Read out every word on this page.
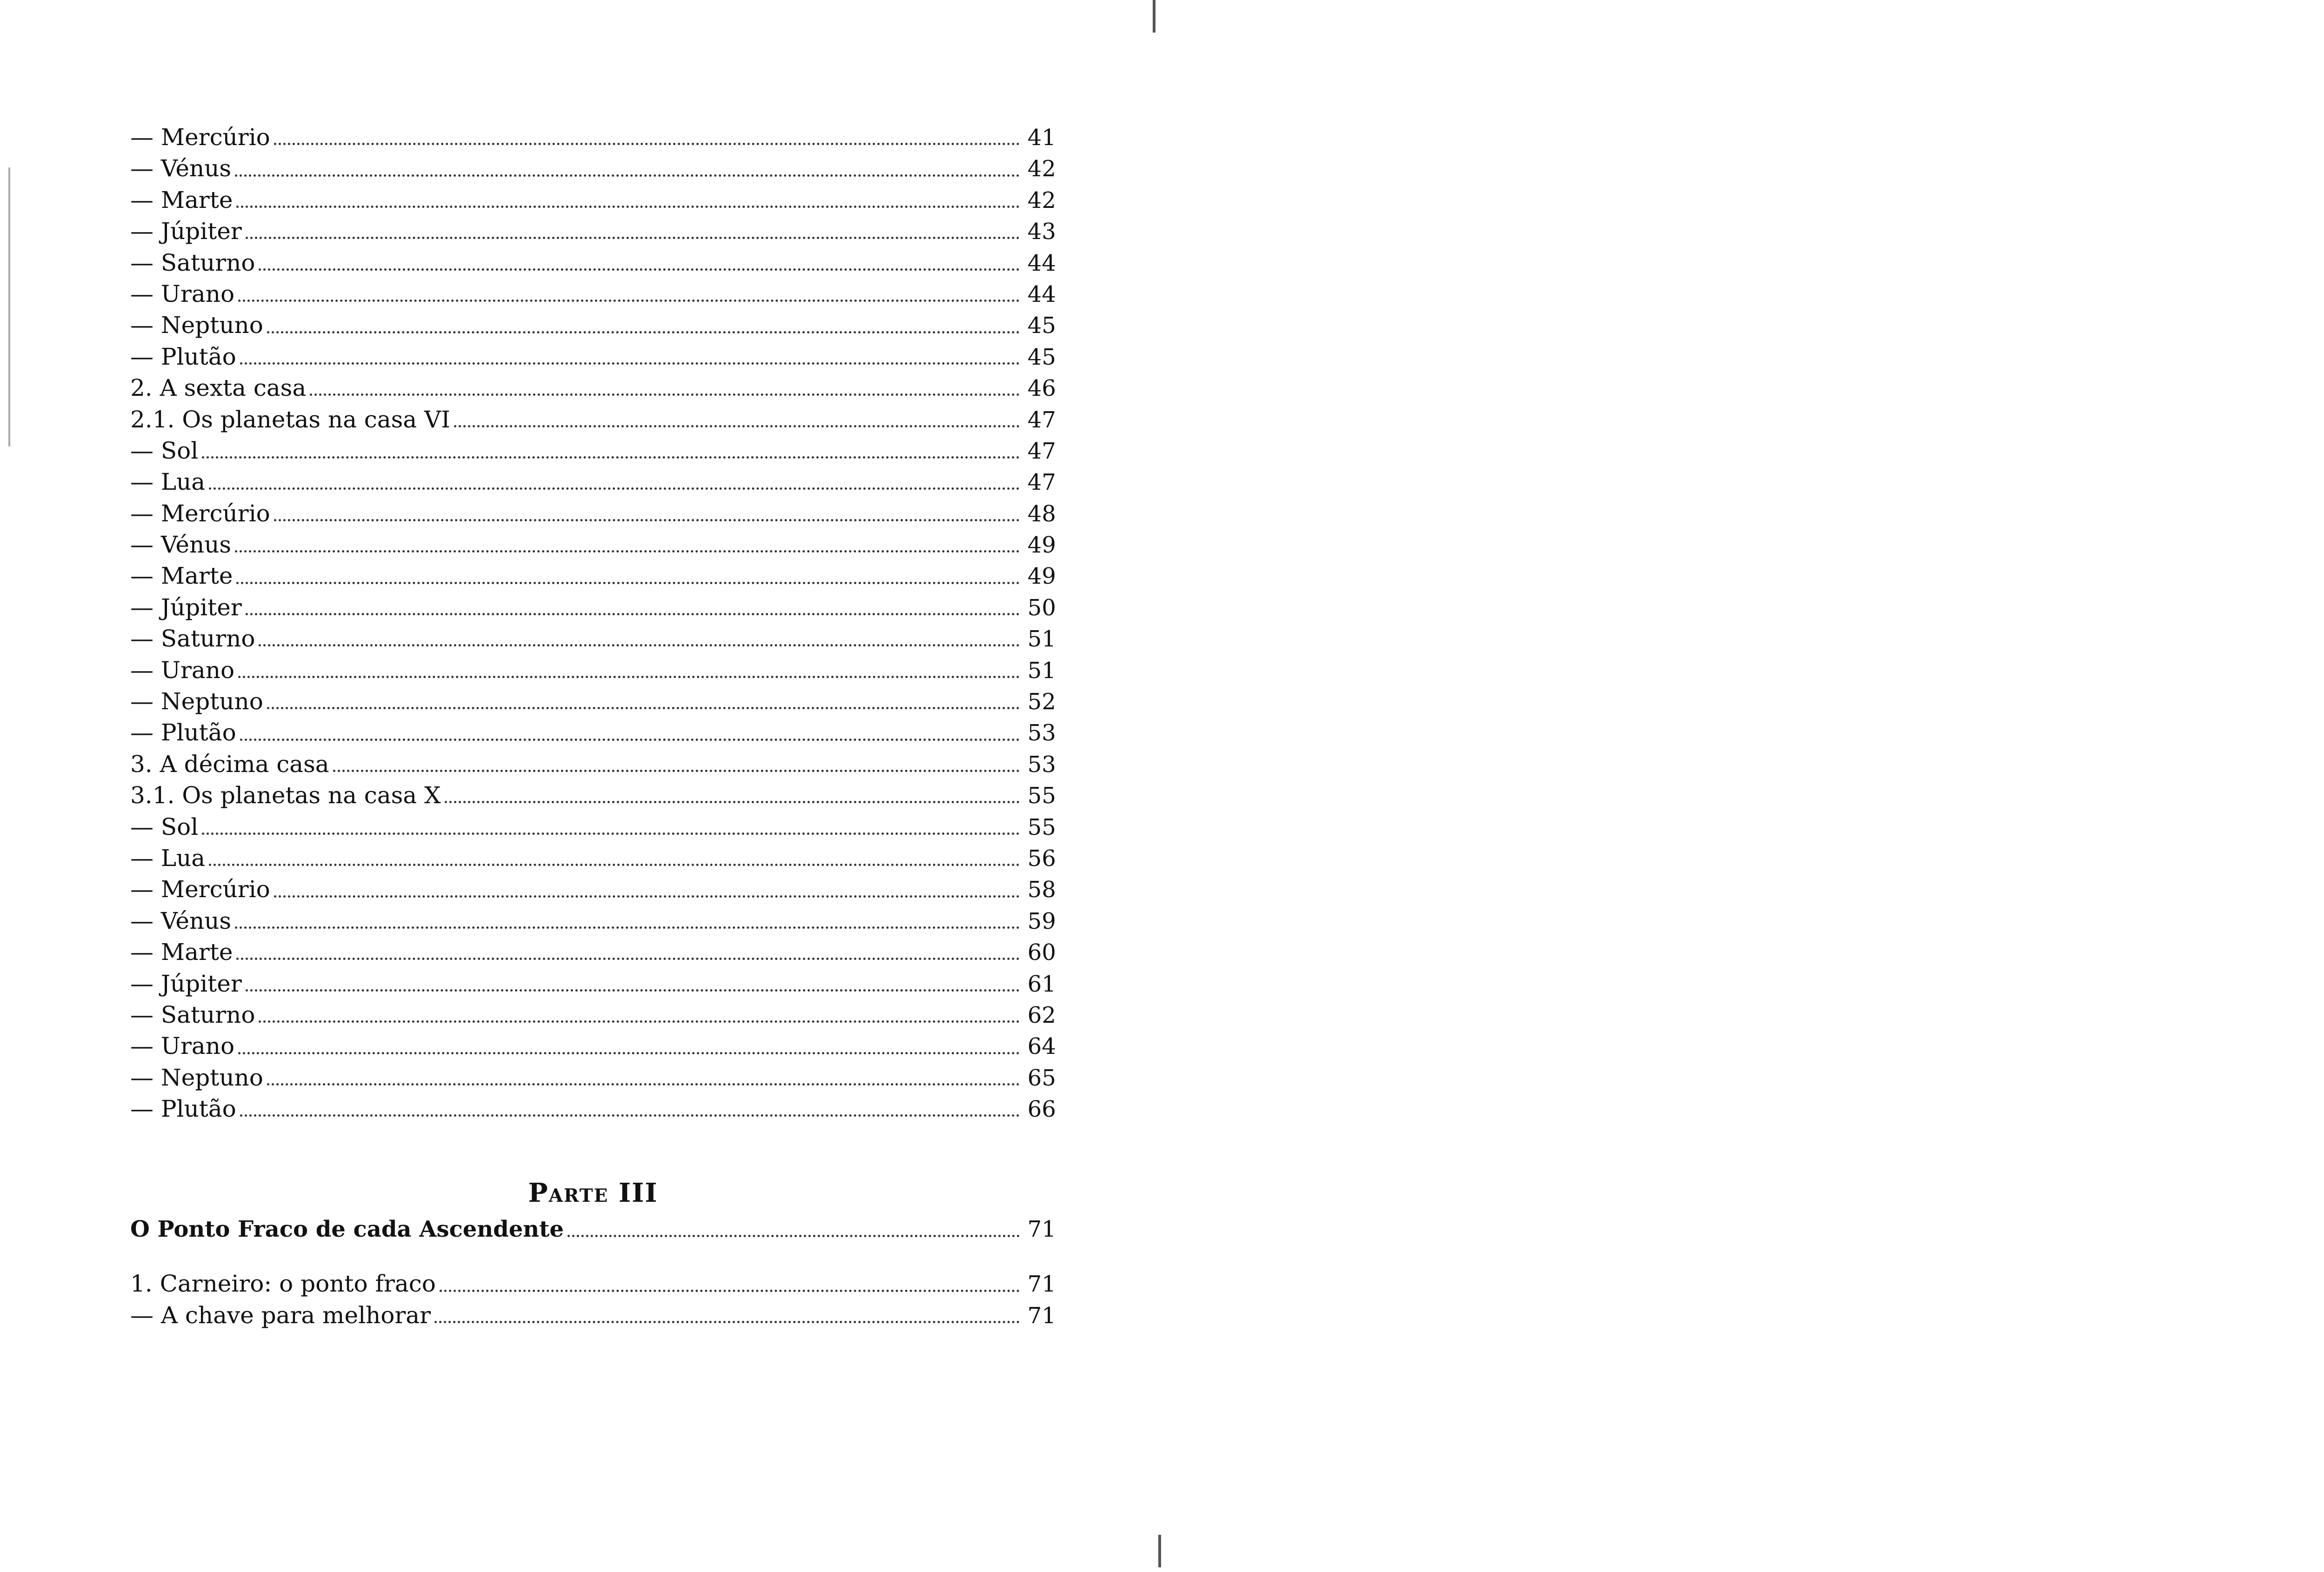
— Mercúrio	41
— Vénus	42
— Marte	42
— Júpiter	43
— Saturno	44
— Urano	44
— Neptuno	45
— Plutão	45
2. A sexta casa	46
2.1. Os planetas na casa VI	47
— Sol	47
— Lua	47
— Mercúrio	48
— Vénus	49
— Marte	49
— Júpiter	50
— Saturno	51
— Urano	51
— Neptuno	52
— Plutão	53
3. A décima casa	53
3.1. Os planetas na casa X	55
— Sol	55
— Lua	56
— Mercúrio	58
— Vénus	59
— Marte	60
— Júpiter	61
— Saturno	62
— Urano	64
— Neptuno	65
— Plutão	66
Parte III
O Ponto Fraco de cada Ascendente	71
1. Carneiro: o ponto fraco	71
— A chave para melhorar	71
